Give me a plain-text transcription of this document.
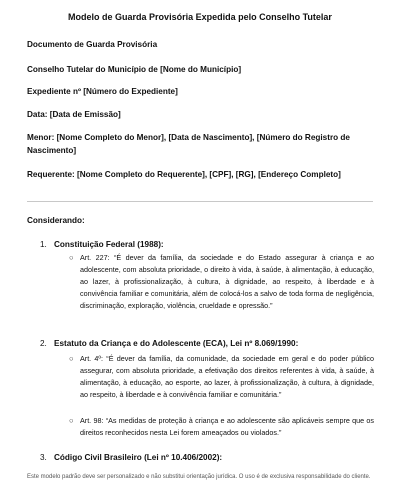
Modelo de Guarda Provisória Expedida pelo Conselho Tutelar
Documento de Guarda Provisória
Conselho Tutelar do Município de [Nome do Município]
Expediente nº [Número do Expediente]
Data: [Data de Emissão]
Menor: [Nome Completo do Menor], [Data de Nascimento], [Número do Registro de Nascimento]
Requerente: [Nome Completo do Requerente], [CPF], [RG], [Endereço Completo]
Considerando:
1. Constituição Federal (1988):
○ Art. 227: “É dever da família, da sociedade e do Estado assegurar à criança e ao adolescente, com absoluta prioridade, o direito à vida, à saúde, à alimentação, à educação, ao lazer, à profissionalização, à cultura, à dignidade, ao respeito, à liberdade e à convivência familiar e comunitária, além de colocá-los a salvo de toda forma de negligência, discriminação, exploração, violência, crueldade e opressão.”
2. Estatuto da Criança e do Adolescente (ECA), Lei nº 8.069/1990:
○ Art. 4º: “É dever da família, da comunidade, da sociedade em geral e do poder público assegurar, com absoluta prioridade, a efetivação dos direitos referentes à vida, à saúde, à alimentação, à educação, ao esporte, ao lazer, à profissionalização, à cultura, à dignidade, ao respeito, à liberdade e à convivência familiar e comunitária.”
○ Art. 98: “As medidas de proteção à criança e ao adolescente são aplicáveis sempre que os direitos reconhecidos nesta Lei forem ameaçados ou violados.”
3. Código Civil Brasileiro (Lei nº 10.406/2002):
Este modelo padrão deve ser personalizado e não substitui orientação jurídica. O uso é de exclusiva responsabilidade do cliente.
